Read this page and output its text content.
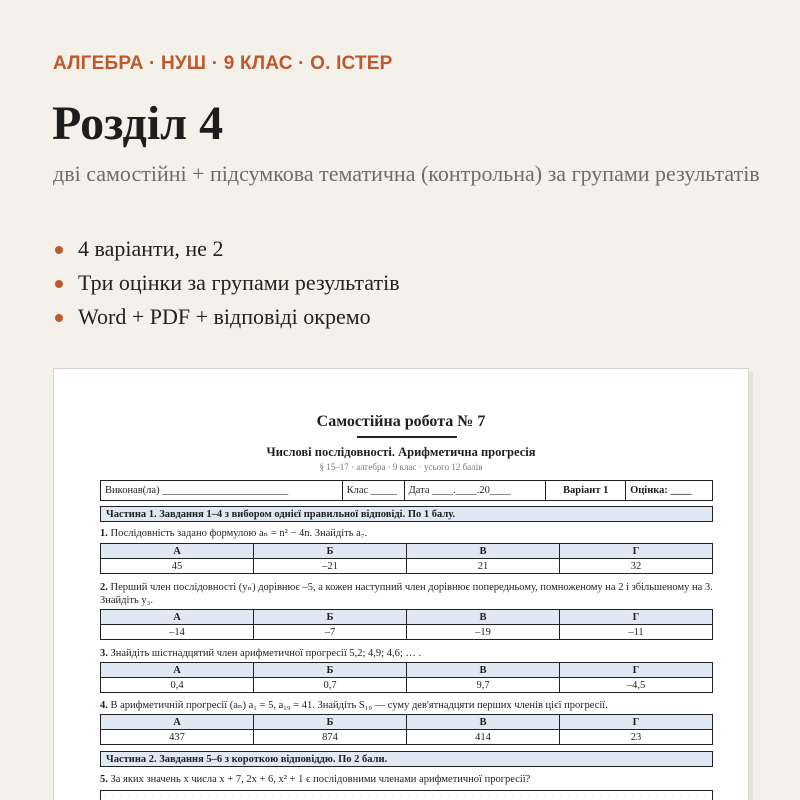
АЛГЕБРА · НУШ · 9 КЛАС · О. ІСТЕР
Розділ 4

дві самостійні + підсумкова тематична (контрольна) за групами результатів

4 варіанти, не 2
Три оцінки за групами результатів
Word + PDF + відповіді окремо
Самостійна робота № 7
Числові послідовності. Арифметична прогресія
§ 15–17 · алгебра · 9 клас · усього 12 балів
Виконав(ла) ________________________	Клас _____	Дата ____.____.20____	Варіант 1	Оцінка: ____
Частина 1. Завдання 1–4 з вибором однієї правильної відповіді. По 1 балу.
1. Послідовність задано формулою aₙ = n² − 4n. Знайдіть a₇.
А	Б	В	Г
45	–21	21	32
2. Перший член послідовності (yₙ) дорівнює –5, а кожен наступний член дорівнює попередньому, помноженому на 2 і збільшеному на 3. Знайдіть y₃.
А	Б	В	Г
–14	–7	–19	–11
3. Знайдіть шістнадцятий член арифметичної прогресії 5,2; 4,9; 4,6; … .
А	Б	В	Г
0,4	0,7	9,7	–4,5
4. В арифметичній прогресії (aₙ) a₁ = 5, a₁₉ = 41. Знайдіть S₁₉ — суму дев'ятнадцяти перших членів цієї прогресії.
А	Б	В	Г
437	874	414	23
Частина 2. Завдання 5–6 з короткою відповіддю. По 2 бали.
5. За яких значень x числа x + 7, 2x + 6, x² + 1 є послідовними членами арифметичної прогресії?
